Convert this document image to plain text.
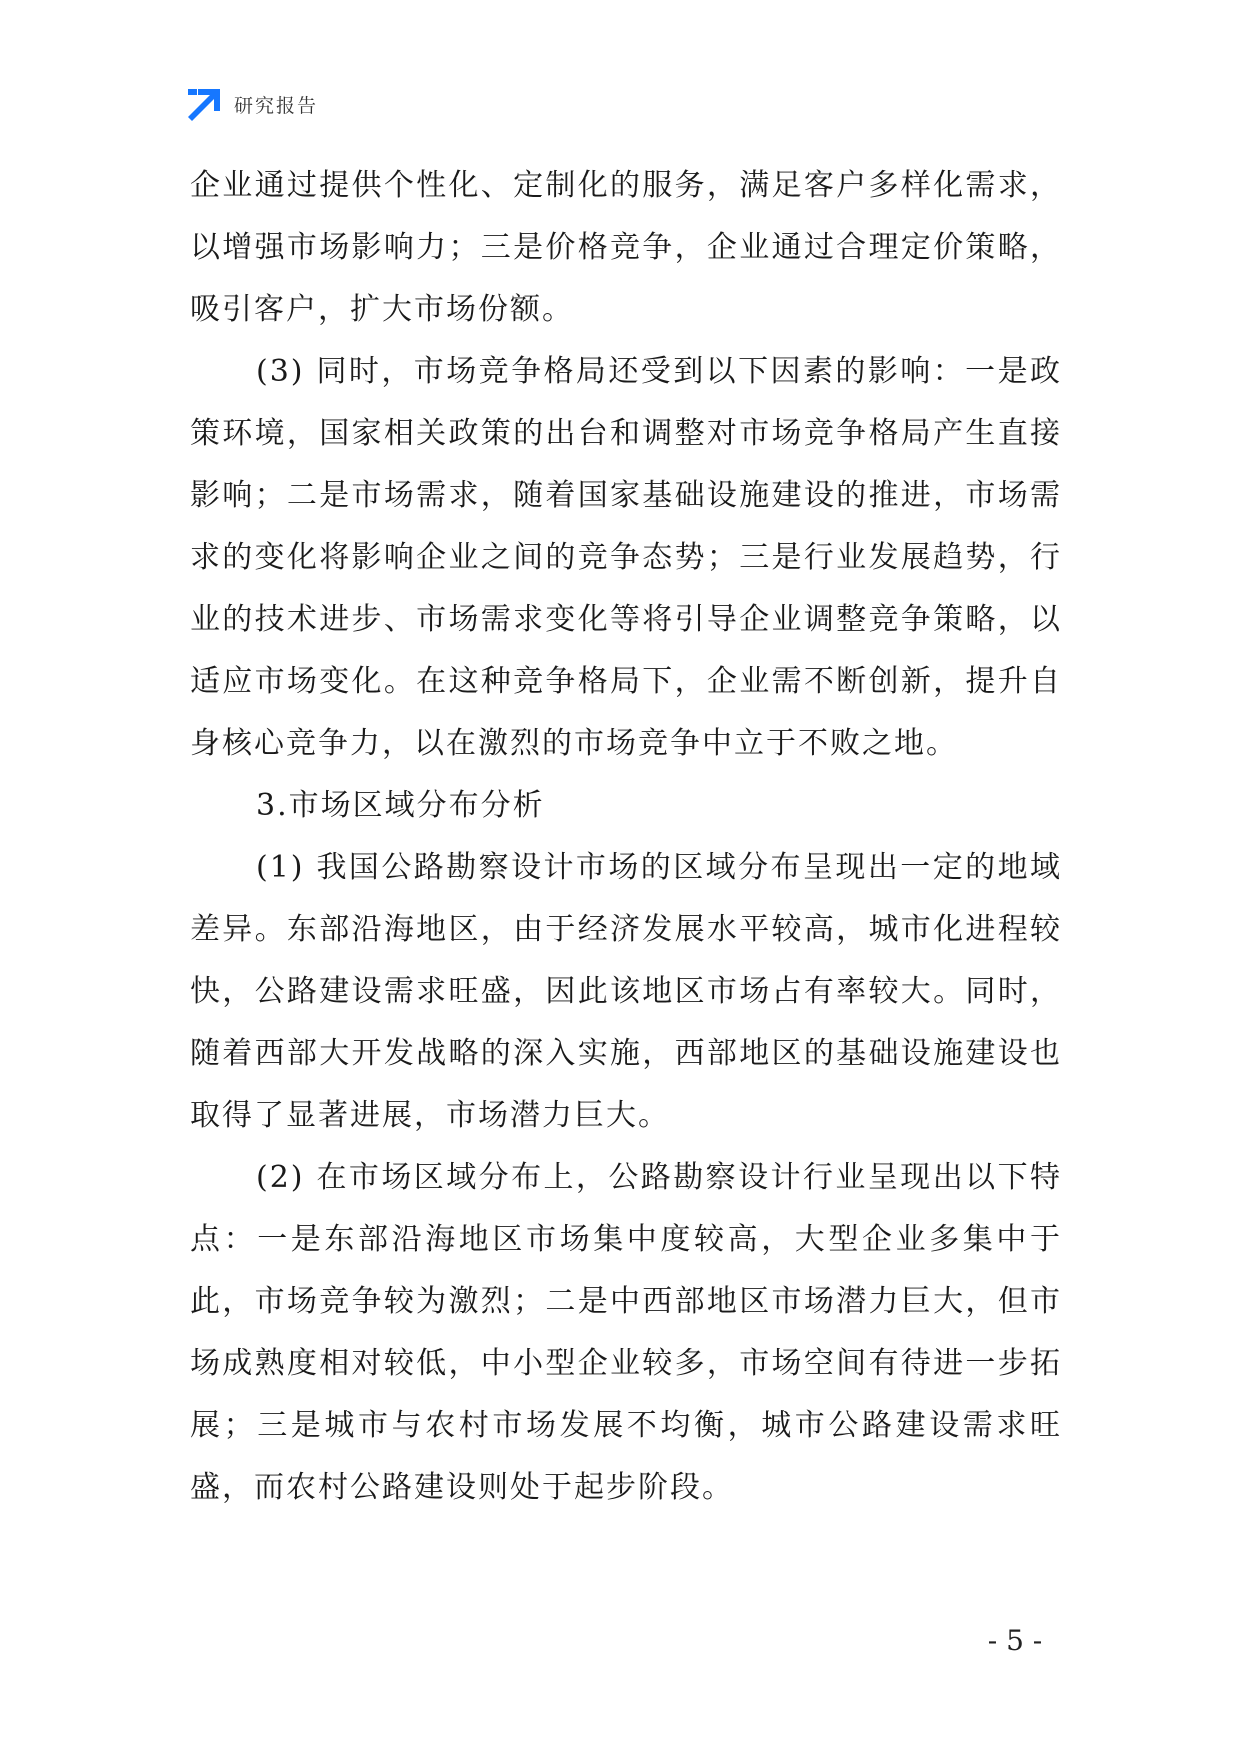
研究报告

企业通过提供个性化、定制化的服务，满足客户多样化需求，以增强市场影响力；三是价格竞争，企业通过合理定价策略，吸引客户，扩大市场份额。

(3) 同时，市场竞争格局还受到以下因素的影响：一是政策环境，国家相关政策的出台和调整对市场竞争格局产生直接影响；二是市场需求，随着国家基础设施建设的推进，市场需求的变化将影响企业之间的竞争态势；三是行业发展趋势，行业的技术进步、市场需求变化等将引导企业调整竞争策略，以适应市场变化。在这种竞争格局下，企业需不断创新，提升自身核心竞争力，以在激烈的市场竞争中立于不败之地。

3.市场区域分布分析

(1) 我国公路勘察设计市场的区域分布呈现出一定的地域差异。东部沿海地区，由于经济发展水平较高，城市化进程较快，公路建设需求旺盛，因此该地区市场占有率较大。同时，随着西部大开发战略的深入实施，西部地区的基础设施建设也取得了显著进展，市场潜力巨大。

(2) 在市场区域分布上，公路勘察设计行业呈现出以下特点：一是东部沿海地区市场集中度较高，大型企业多集中于此，市场竞争较为激烈；二是中西部地区市场潜力巨大，但市场成熟度相对较低，中小型企业较多，市场空间有待进一步拓展；三是城市与农村市场发展不均衡，城市公路建设需求旺盛，而农村公路建设则处于起步阶段。

- 5 -
